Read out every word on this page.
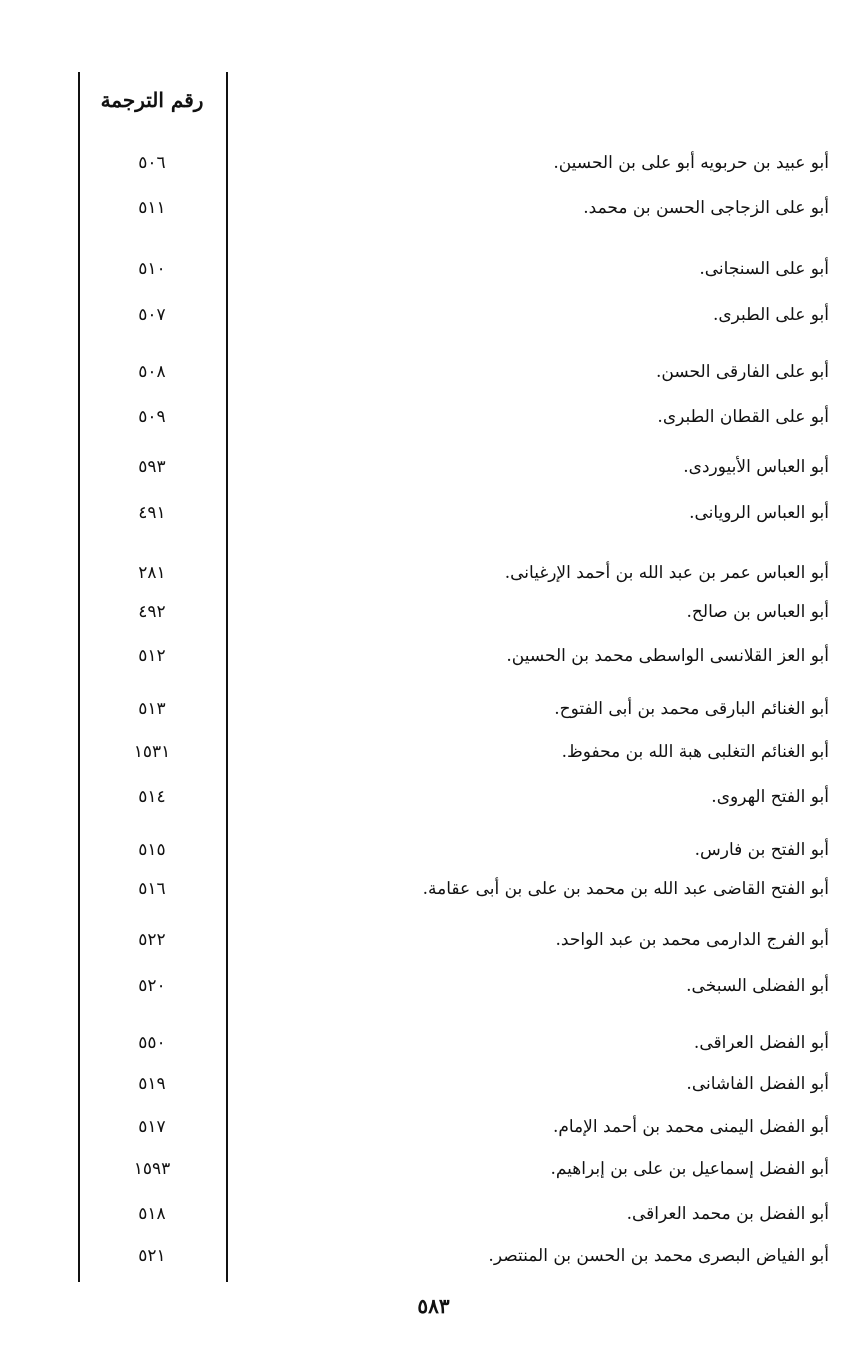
رقم الترجمة
أبو عبيد بن حربويه أبو على بن الحسين.
٥٠٦
أبو على الزجاجى الحسن بن محمد.
٥١١
أبو على السنجانى.
٥١٠
أبو على الطبرى.
٥٠٧
أبو على الفارقى الحسن.
٥٠٨
أبو على القطان الطبرى.
٥٠٩
أبو العباس الأبيوردى.
٥٩٣
أبو العباس الرويانى.
٤٩١
أبو العباس عمر بن عبد الله بن أحمد الإرغيانى.
٢٨١
أبو العباس بن صالح.
٤٩٢
أبو العز القلانسى الواسطى محمد بن الحسين.
٥١٢
أبو الغنائم البارقى محمد بن أبى الفتوح.
٥١٣
أبو الغنائم التغلبى هبة الله بن محفوظ.
١٥٣١
أبو الفتح الهروى.
٥١٤
أبو الفتح بن فارس.
٥١٥
أبو الفتح القاضى عبد الله بن محمد بن على بن أبى عقامة.
٥١٦
أبو الفرج الدارمى محمد بن عبد الواحد.
٥٢٢
أبو الفضلى السبخى.
٥٢٠
أبو الفضل العراقى.
٥٥٠
أبو الفضل الفاشانى.
٥١٩
أبو الفضل اليمنى محمد بن أحمد الإمام.
٥١٧
أبو الفضل إسماعيل بن على بن إبراهيم.
١٥٩٣
أبو الفضل بن محمد العراقى.
٥١٨
أبو الفياض البصرى محمد بن الحسن بن المنتصر.
٥٢١
٥٨٣
